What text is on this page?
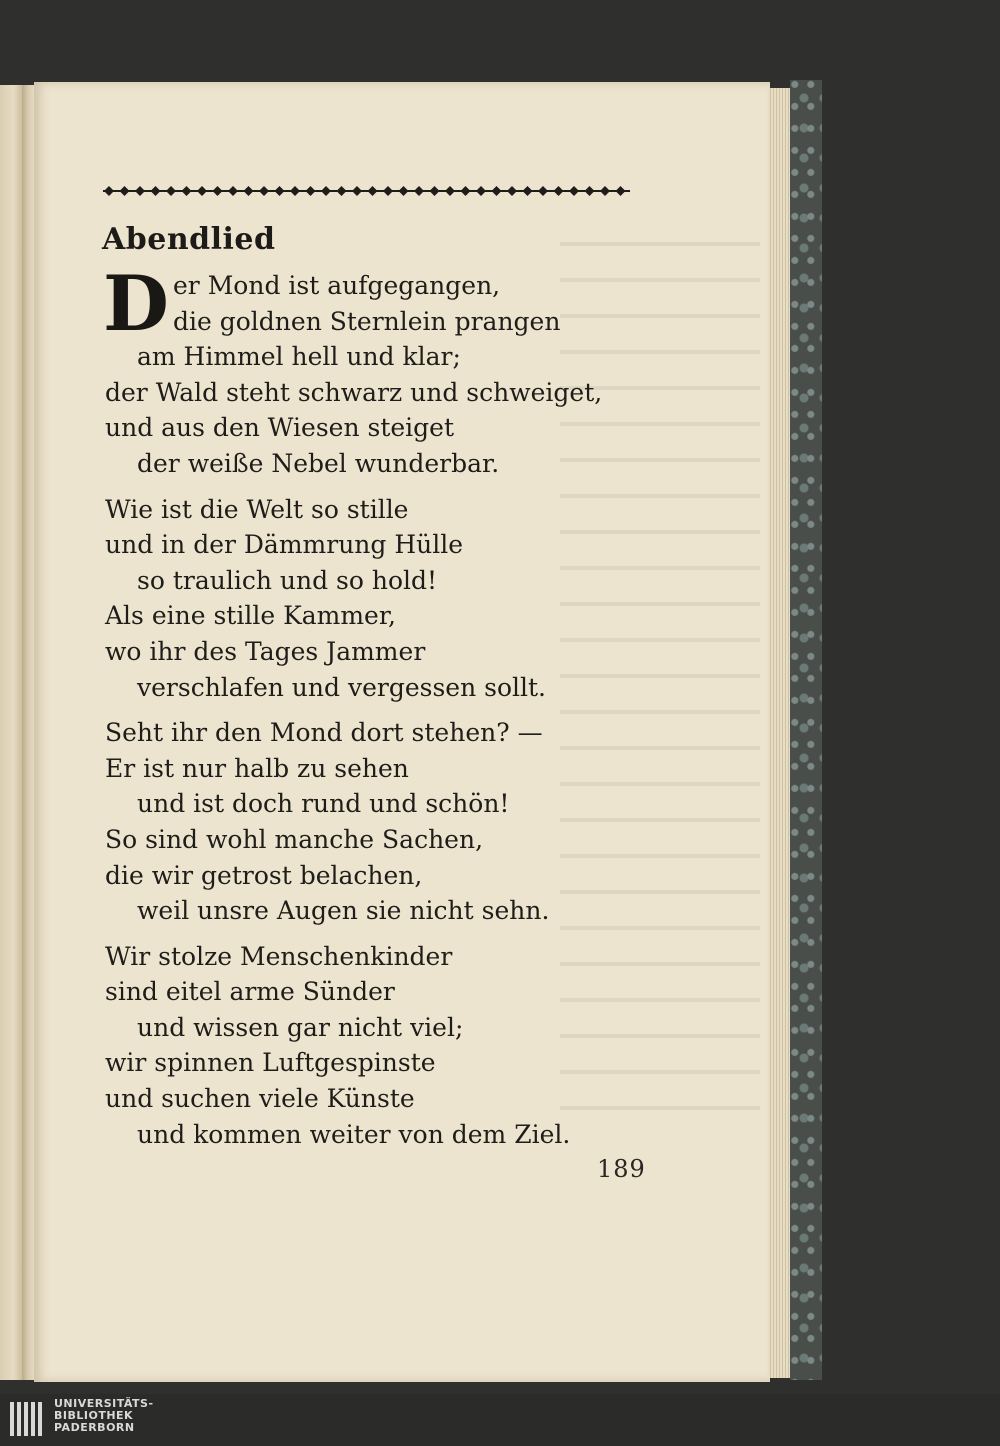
Abendlied
D er Mond ist aufgegangen,
die goldnen Sternlein prangen
am Himmel hell und klar;
der Wald steht schwarz und schweiget,
und aus den Wiesen steiget
der weiße Nebel wunderbar.
Wie ist die Welt so stille
und in der Dämmrung Hülle
so traulich und so hold!
Als eine stille Kammer,
wo ihr des Tages Jammer
verschlafen und vergessen sollt.
Seht ihr den Mond dort stehen? —
Er ist nur halb zu sehen
und ist doch rund und schön!
So sind wohl manche Sachen,
die wir getrost belachen,
weil unsre Augen sie nicht sehn.
Wir stolze Menschenkinder
sind eitel arme Sünder
und wissen gar nicht viel;
wir spinnen Luftgespinste
und suchen viele Künste
und kommen weiter von dem Ziel.
189
UNIVERSITÄTS-
BIBLIOTHEK
PADERBORN
